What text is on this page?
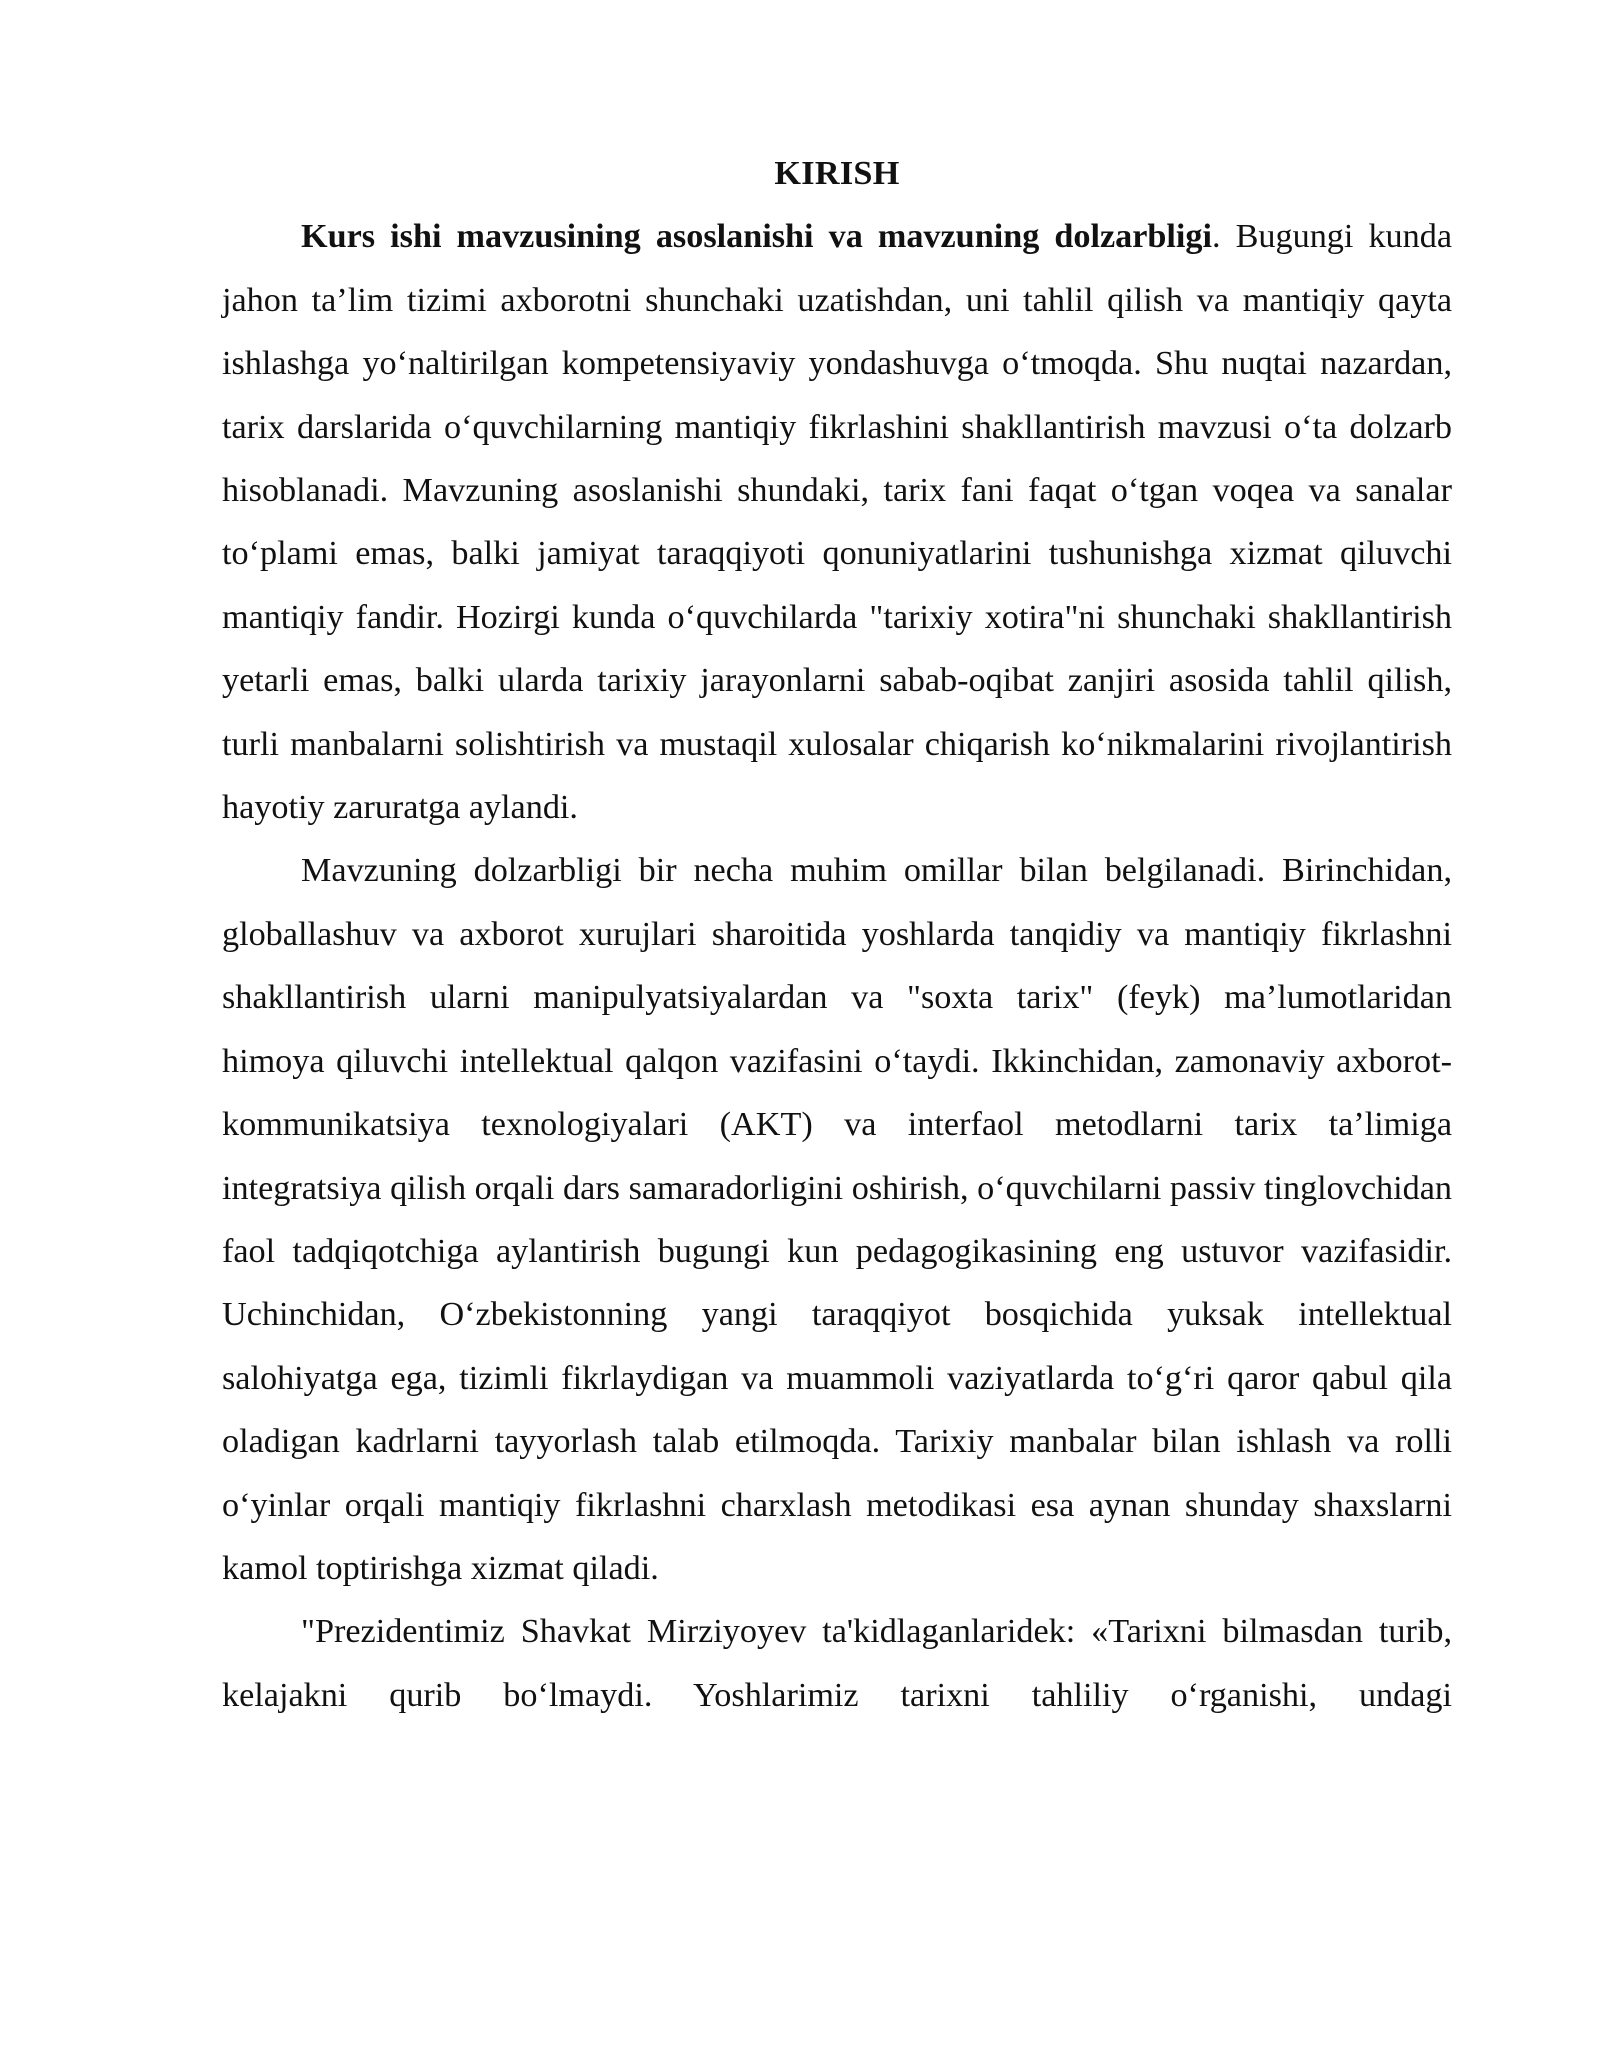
KIRISH

Kurs ishi mavzusining asoslanishi va mavzuning dolzarbligi. Bugungi kunda jahon ta’lim tizimi axborotni shunchaki uzatishdan, uni tahlil qilish va mantiqiy qayta ishlashga yo‘naltirilgan kompetensiyaviy yondashuvga o‘tmoqda. Shu nuqtai nazardan, tarix darslarida o‘quvchilarning mantiqiy fikrlashini shakllantirish mavzusi o‘ta dolzarb hisoblanadi. Mavzuning asoslanishi shundaki, tarix fani faqat o‘tgan voqea va sanalar to‘plami emas, balki jamiyat taraqqiyoti qonuniyatlarini tushunishga xizmat qiluvchi mantiqiy fandir. Hozirgi kunda o‘quvchilarda "tarixiy xotira"ni shunchaki shakllantirish yetarli emas, balki ularda tarixiy jarayonlarni sabab-oqibat zanjiri asosida tahlil qilish, turli manbalarni solishtirish va mustaqil xulosalar chiqarish ko‘nikmalarini rivojlantirish hayotiy zaruratga aylandi.

Mavzuning dolzarbligi bir necha muhim omillar bilan belgilanadi. Birinchidan, globallashuv va axborot xurujlari sharoitida yoshlarda tanqidiy va mantiqiy fikrlashni shakllantirish ularni manipulyatsiyalardan va "soxta tarix" (feyk) ma’lumotlaridan himoya qiluvchi intellektual qalqon vazifasini o‘taydi. Ikkinchidan, zamonaviy axborot-kommunikatsiya texnologiyalari (AKT) va interfaol metodlarni tarix ta’limiga integratsiya qilish orqali dars samaradorligini oshirish, o‘quvchilarni passiv tinglovchidan faol tadqiqotchiga aylantirish bugungi kun pedagogikasining eng ustuvor vazifasidir. Uchinchidan, O‘zbekistonning yangi taraqqiyot bosqichida yuksak intellektual salohiyatga ega, tizimli fikrlaydigan va muammoli vaziyatlarda to‘g‘ri qaror qabul qila oladigan kadrlarni tayyorlash talab etilmoqda. Tarixiy manbalar bilan ishlash va rolli o‘yinlar orqali mantiqiy fikrlashni charxlash metodikasi esa aynan shunday shaxslarni kamol toptirishga xizmat qiladi.

"Prezidentimiz Shavkat Mirziyoyev ta'kidlaganlaridek: «Tarixni bilmasdan turib, kelajakni qurib bo‘lmaydi. Yoshlarimiz tarixni tahliliy o‘rganishi, undagi
